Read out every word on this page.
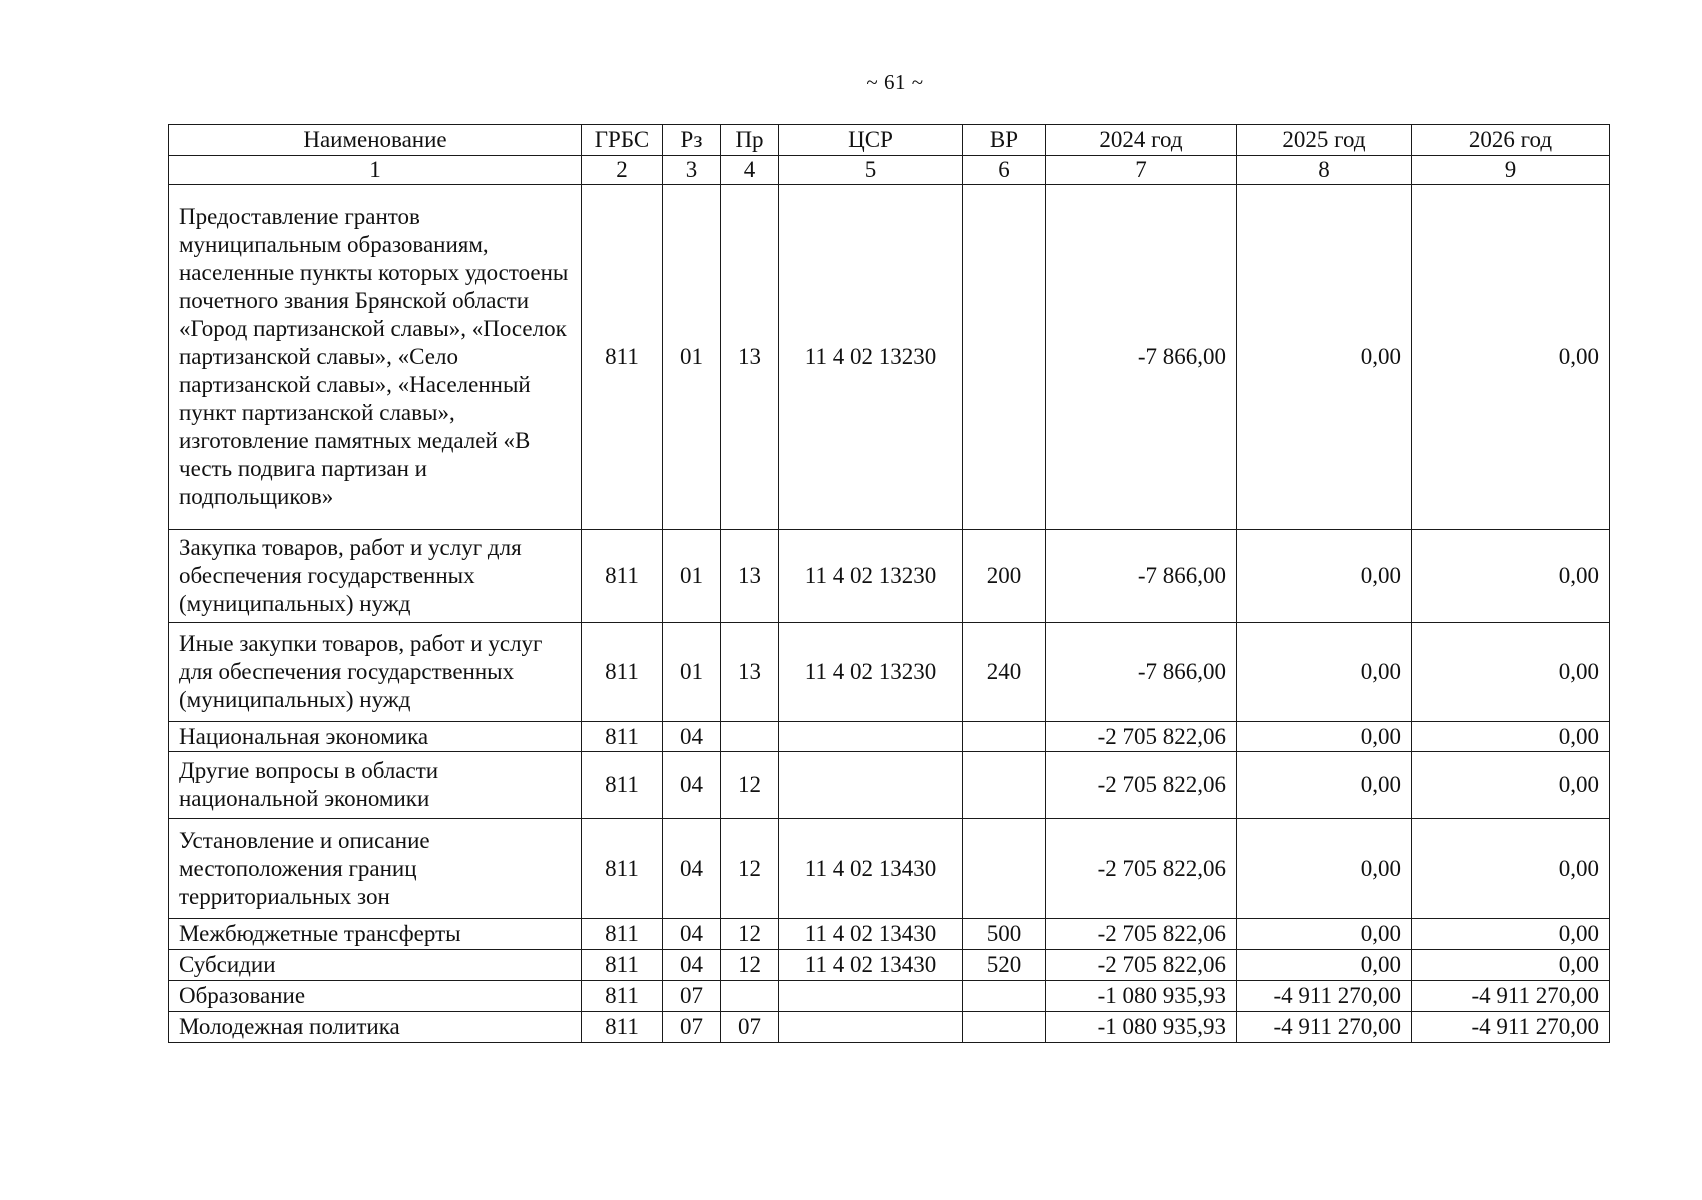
~ 61 ~
Наименование	ГРБС	Рз	Пр	ЦСР	ВР	2024 год	2025 год	2026 год
1	2	3	4	5	6	7	8	9
Предоставление грантов муниципальным образованиям, населенные пункты которых удостоены почетного звания Брянской области «Город партизанской славы», «Поселок партизанской славы», «Село партизанской славы», «Населенный пункт партизанской славы», изготовление памятных медалей «В честь подвига партизан и подпольщиков»	811	01	13	11 4 02 13230		-7 866,00	0,00	0,00
Закупка товаров, работ и услуг для обеспечения государственных (муниципальных) нужд	811	01	13	11 4 02 13230	200	-7 866,00	0,00	0,00
Иные закупки товаров, работ и услуг для обеспечения государственных (муниципальных) нужд	811	01	13	11 4 02 13230	240	-7 866,00	0,00	0,00
Национальная экономика	811	04				-2 705 822,06	0,00	0,00
Другие вопросы в области национальной экономики	811	04	12			-2 705 822,06	0,00	0,00
Установление и описание местоположения границ территориальных зон	811	04	12	11 4 02 13430		-2 705 822,06	0,00	0,00
Межбюджетные трансферты	811	04	12	11 4 02 13430	500	-2 705 822,06	0,00	0,00
Субсидии	811	04	12	11 4 02 13430	520	-2 705 822,06	0,00	0,00
Образование	811	07				-1 080 935,93	-4 911 270,00	-4 911 270,00
Молодежная политика	811	07	07			-1 080 935,93	-4 911 270,00	-4 911 270,00
